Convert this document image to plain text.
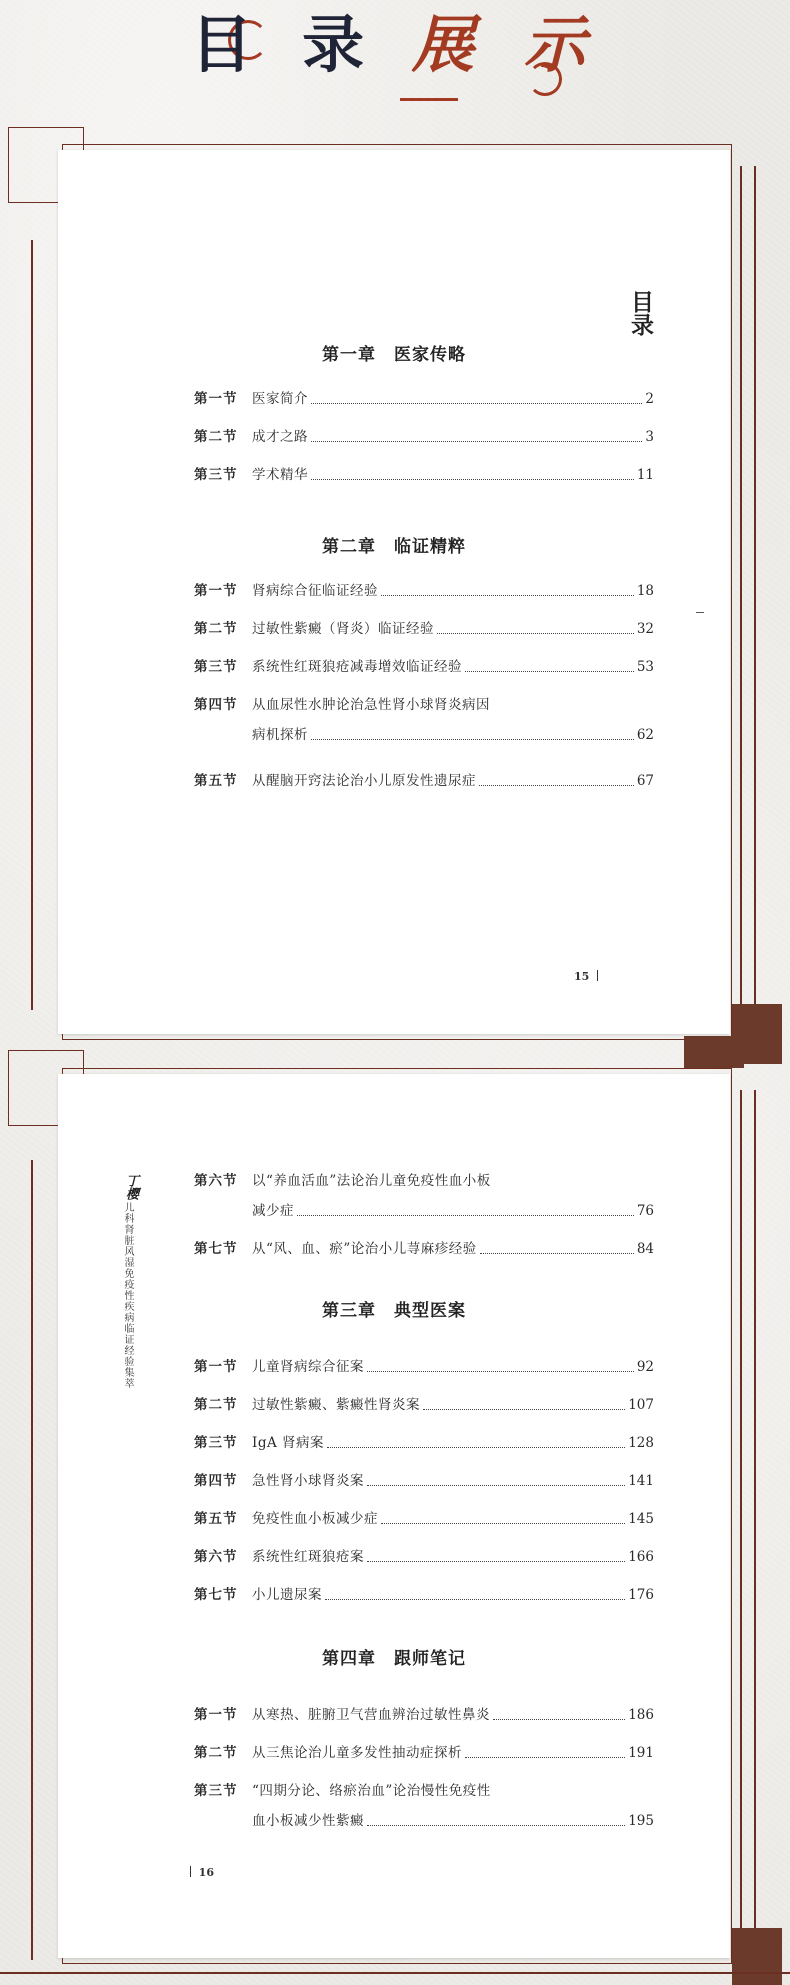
目 录 展 示
目录
15
第一章　医家传略
第一节 医家简介	2
第二节 成才之路	3
第三节 学术精华	11
第二章　临证精粹
第一节 肾病综合征临证经验	18
第二节 过敏性紫癜（肾炎）临证经验	32
第三节 系统性红斑狼疮减毒增效临证经验	53
第四节 从血尿性水肿论治急性肾小球肾炎病因
病机探析	62
第五节 从醒脑开窍法论治小儿原发性遗尿症	67
丁樱
儿科肾脏风湿免疫性疾病临证经验集萃
16
第六节 以“养血活血”法论治儿童免疫性血小板
减少症	76
第七节 从“风、血、瘀”论治小儿荨麻疹经验	84
第三章　典型医案
第一节 儿童肾病综合征案	92
第二节 过敏性紫癜、紫癜性肾炎案	107
第三节 IgA 肾病案	128
第四节 急性肾小球肾炎案	141
第五节 免疫性血小板减少症	145
第六节 系统性红斑狼疮案	166
第七节 小儿遗尿案	176
第四章　跟师笔记
第一节 从寒热、脏腑卫气营血辨治过敏性鼻炎	186
第二节 从三焦论治儿童多发性抽动症探析	191
第三节 “四期分论、络瘀治血”论治慢性免疫性
血小板减少性紫癜	195
